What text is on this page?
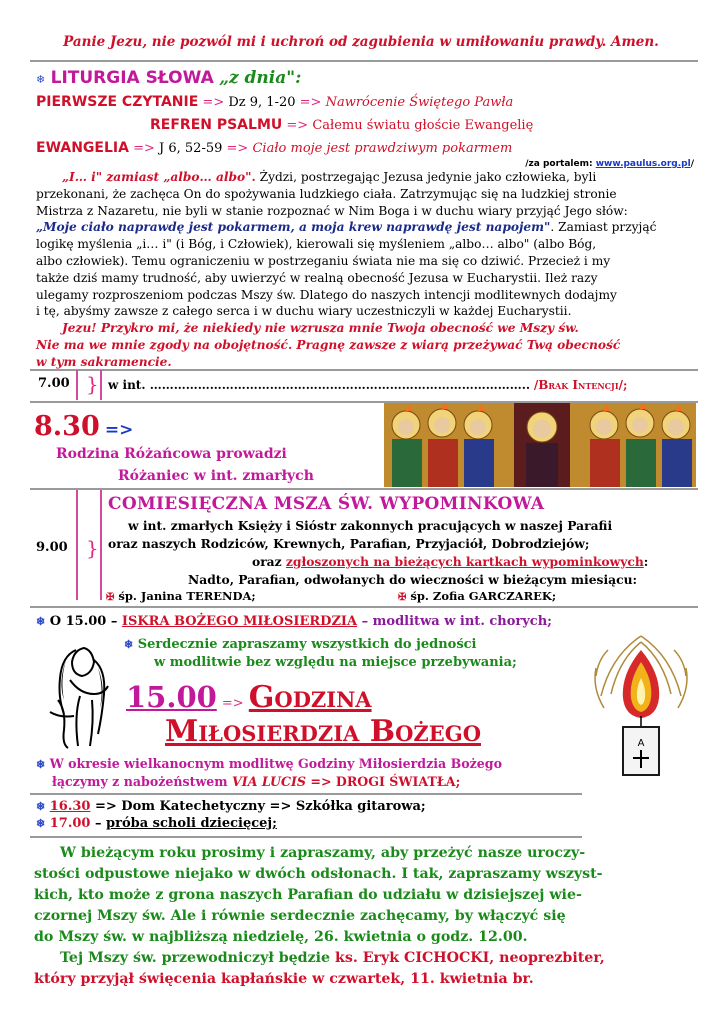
Panie Jezu, nie pozwól mi i uchroń od zagubienia w umiłowaniu prawdy. Amen.
❄ LITURGIA SŁOWA „z dnia":
PIERWSZE CZYTANIE => Dz 9, 1-20 => Nawrócenie Świętego Pawła
REFREN PSALMU => Całemu światu głoście Ewangelię
EWANGELIA => J 6, 52-59 => Ciało moje jest prawdziwym pokarmem
/za portalem: www.paulus.org.pl/
„I… i" zamiast „albo… albo". Żydzi, postrzegając Jezusa jedynie jako człowieka, byli
przekonani, że zachęca On do spożywania ludzkiego ciała. Zatrzymując się na ludzkiej stronie
Mistrza z Nazaretu, nie byli w stanie rozpoznać w Nim Boga i w duchu wiary przyjąć Jego słów:
„Moje ciało naprawdę jest pokarmem, a moja krew naprawdę jest napojem". Zamiast przyjąć
logikę myślenia „i… i" (i Bóg, i Człowiek), kierowali się myśleniem „albo… albo" (albo Bóg,
albo człowiek). Temu ograniczeniu w postrzeganiu świata nie ma się co dziwić. Przecież i my
także dziś mamy trudność, aby uwierzyć w realną obecność Jezusa w Eucharystii. Ileż razy
ulegamy rozproszeniom podczas Mszy św. Dlatego do naszych intencji modlitewnych dodajmy
i tę, abyśmy zawsze z całego serca i w duchu wiary uczestniczyli w każdej Eucharystii.
Jezu! Przykro mi, że niekiedy nie wzrusza mnie Twoja obecność we Mszy św.
Nie ma we mnie zgody na obojętność. Pragnę zawsze z wiarą przeżywać Twą obecność
w tym sakramencie.
7.00 } w int. ………………………………………………………………………………….. /Brak Intencji/;
8.30 =>
Rodzina Różańcowa prowadzi
Różaniec w int. zmarłych
9.00 }
COMIESIĘCZNA MSZA ŚW. WYPOMINKOWA
w int. zmarłych Księży i Sióstr zakonnych pracujących w naszej Parafii
oraz naszych Rodziców, Krewnych, Parafian, Przyjaciół, Dobrodziejów;
oraz zgłoszonych na bieżących kartkach wypominkowych:
Nadto, Parafian, odwołanych do wieczności w bieżącym miesiącu:
✠ śp. Janina TERENDA;	✠ śp. Zofia GARCZAREK;
❄ O 15.00 – ISKRA BOŻEGO MIŁOSIERDZIA – modlitwa w int. chorych;
❄ Serdecznie zapraszamy wszystkich do jedności
w modlitwie bez względu na miejsce przebywania;
A
15.00 => Godzina
Miłosierdzia Bożego
❄ W okresie wielkanocnym modlitwę Godziny Miłosierdzia Bożego
łączymy z nabożeństwem VIA LUCIS => DROGI ŚWIATŁA;
❄ 16.30 => Dom Katechetyczny => Szkółka gitarowa;
❄ 17.00 – próba scholi dziecięcej;
W bieżącym roku prosimy i zapraszamy, aby przeżyć nasze uroczy-
stości odpustowe niejako w dwóch odsłonach. I tak, zapraszamy wszyst-
kich, kto może z grona naszych Parafian do udziału w dzisiejszej wie-
czornej Mszy św. Ale i równie serdecznie zachęcamy, by włączyć się
do Mszy św. w najbliższą niedzielę, 26. kwietnia o godz. 12.00.
Tej Mszy św. przewodniczył będzie ks. Eryk CICHOCKI, neoprezbiter,
który przyjął święcenia kapłańskie w czwartek, 11. kwietnia br.
